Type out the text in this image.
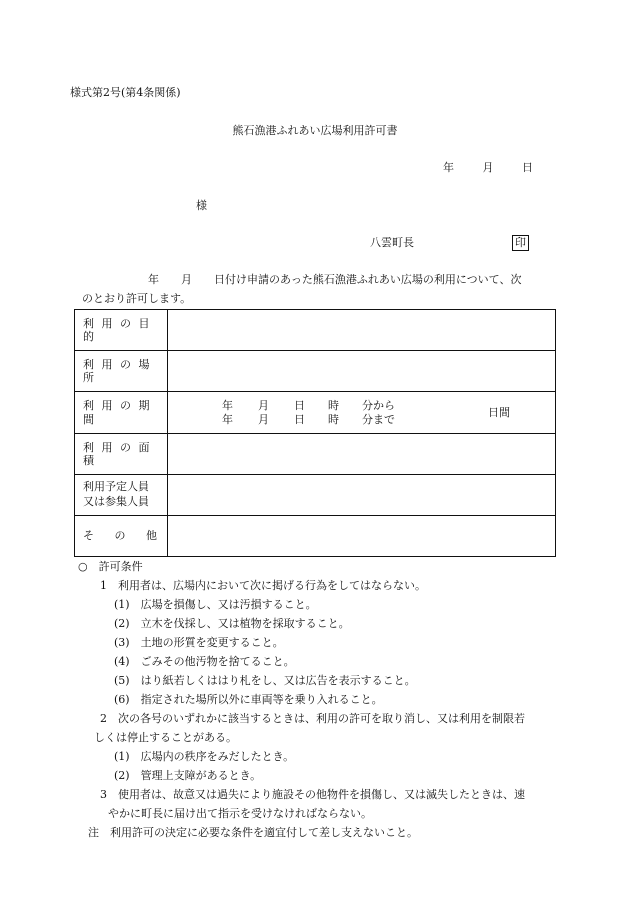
様式第2号(第4条関係)
熊石漁港ふれあい広場利用許可書
年	月	日
様
八雲町長	印
年　　月　　日付け申請のあった熊石漁港ふれあい広場の利用について、次
のとおり許可します。
利 用 の 目 的	
利 用 の 場 所	
利 用 の 期 間	年 月 日 時 分から
年 月 日 時 分まで
日間

利 用 の 面 積	

利用予定人員
又は参集人員	

そ　 の　 他	
○　許可条件
1　利用者は、広場内において次に掲げる行為をしてはならない。
(1)　広場を損傷し、又は汚損すること。
(2)　立木を伐採し、又は植物を採取すること。
(3)　土地の形質を変更すること。
(4)　ごみその他汚物を捨てること。
(5)　はり紙若しくははり札をし、又は広告を表示すること。
(6)　指定された場所以外に車両等を乗り入れること。
2　次の各号のいずれかに該当するときは、利用の許可を取り消し、又は利用を制限若
しくは停止することがある。
(1)　広場内の秩序をみだしたとき。
(2)　管理上支障があるとき。
3　使用者は、故意又は過失により施設その他物件を損傷し、又は滅失したときは、速
やかに町長に届け出て指示を受けなければならない。
注　利用許可の決定に必要な条件を適宜付して差し支えないこと。
